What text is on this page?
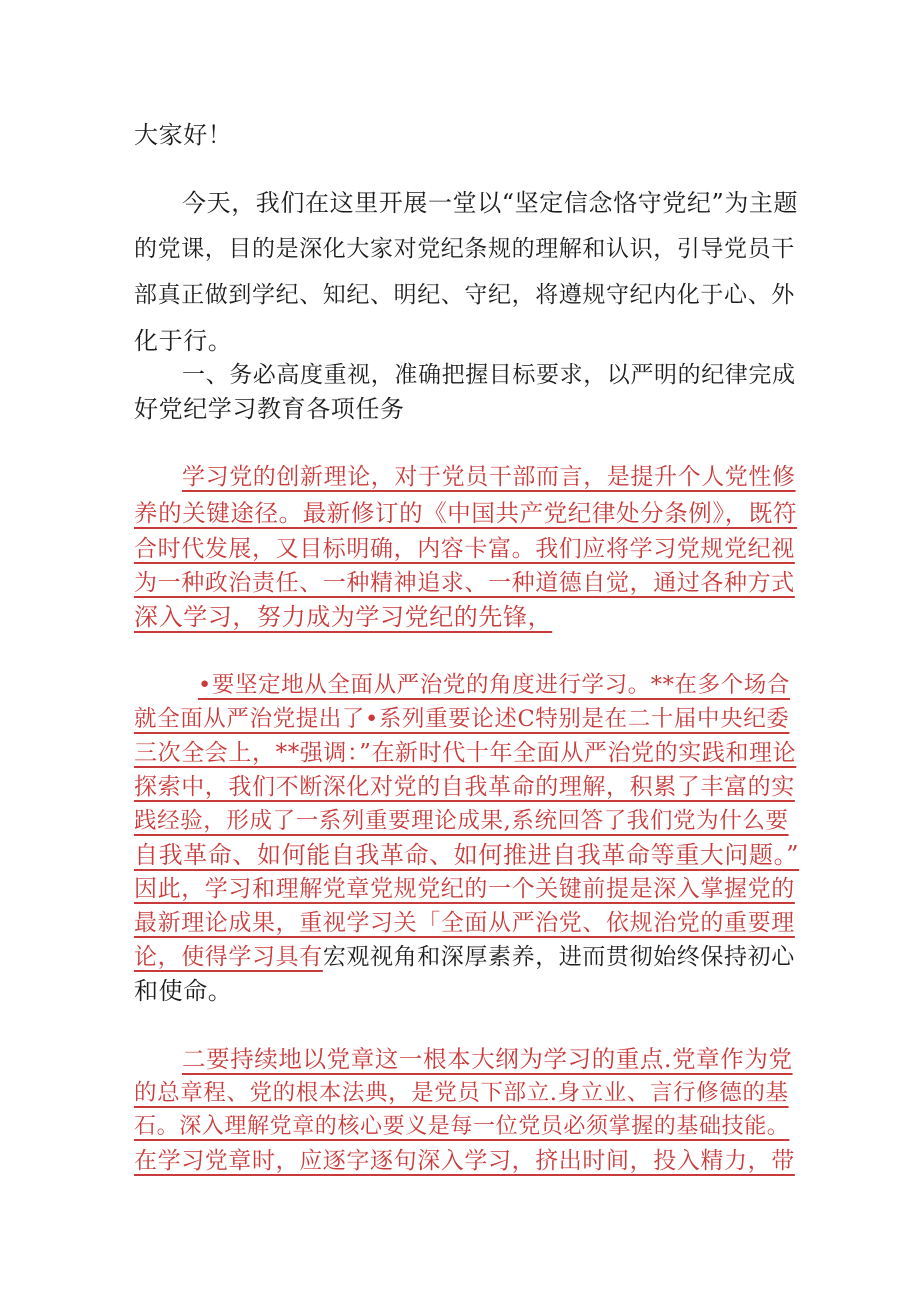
大家好！
今天，我们在这里开展一堂以“坚定信念恪守党纪”为主题
的党课，目的是深化大家对党纪条规的理解和认识，引导党员干
部真正做到学纪、知纪、明纪、守纪，将遵规守纪内化于心、外
化于行。
一、务必高度重视，准确把握目标要求，以严明的纪律完成
好党纪学习教育各项任务
学习党的创新理论，对于党员干部而言，是提升个人党性修
养的关键途径。最新修订的《中国共产党纪律处分条例》，既符
合时代发展，又目标明确，内容卡富。我们应将学习党规党纪视
为一种政治责任、一种精神追求、一种道德自觉，通过各种方式
深入学习，努力成为学习党纪的先锋，
•要坚定地从全面从严治党的角度进行学习。**在多个场合
就全面从严治党提出了•系列重要论述C特别是在二十届中央纪委
三次全会上，**强调：”在新时代十年全面从严治党的实践和理论
探索中，我们不断深化对党的自我革命的理解，积累了丰富的实
践经验，形成了一系列重要理论成果,系统回答了我们党为什么要
自我革命、如何能自我革命、如何推进自我革命等重大问题。”
因此，学习和理解党章党规党纪的一个关键前提是深入掌握党的
最新理论成果，重视学习关「全面从严治党、依规治党的重要理
论，使得学习具有宏观视角和深厚素养，进而贯彻始终保持初心
和使命。
二要持续地以党章这一根本大纲为学习的重点.党章作为党
的总章程、党的根本法典，是党员下部立.身立业、言行修德的基
石。深入理解党章的核心要义是每一位党员必须掌握的基础技能。
在学习党章时，应逐字逐句深入学习，挤出时间，投入精力，带
